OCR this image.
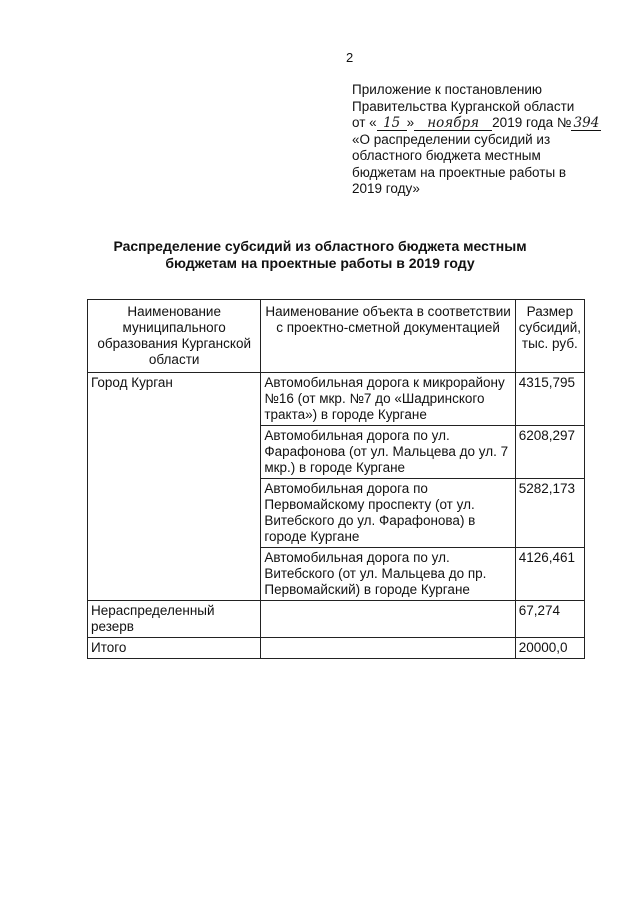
2
Приложение к постановлению
Правительства Курганской области
от « 15 » ноября 2019 года № 394
«О распределении субсидий из
областного бюджета местным
бюджетам на проектные работы в
2019 году»
Распределение субсидий из областного бюджета местным бюджетам на проектные работы в 2019 году
Наименование муниципального образования Курганской области	Наименование объекта в соответствии с проектно-сметной документацией	Размер субсидий, тыс. руб.
Город Курган	Автомобильная дорога к микрорайону №16 (от мкр. №7 до «Шадринского тракта») в городе Кургане	4315,795
	Автомобильная дорога по ул. Фарафонова (от ул. Мальцева до ул. 7 мкр.) в городе Кургане	6208,297
	Автомобильная дорога по Первомайскому проспекту (от ул. Витебского до ул. Фарафонова) в городе Кургане	5282,173
	Автомобильная дорога по ул. Витебского (от ул. Мальцева до пр. Первомайский) в городе Кургане	4126,461
Нераспределенный резерв		67,274
Итого		20000,0
